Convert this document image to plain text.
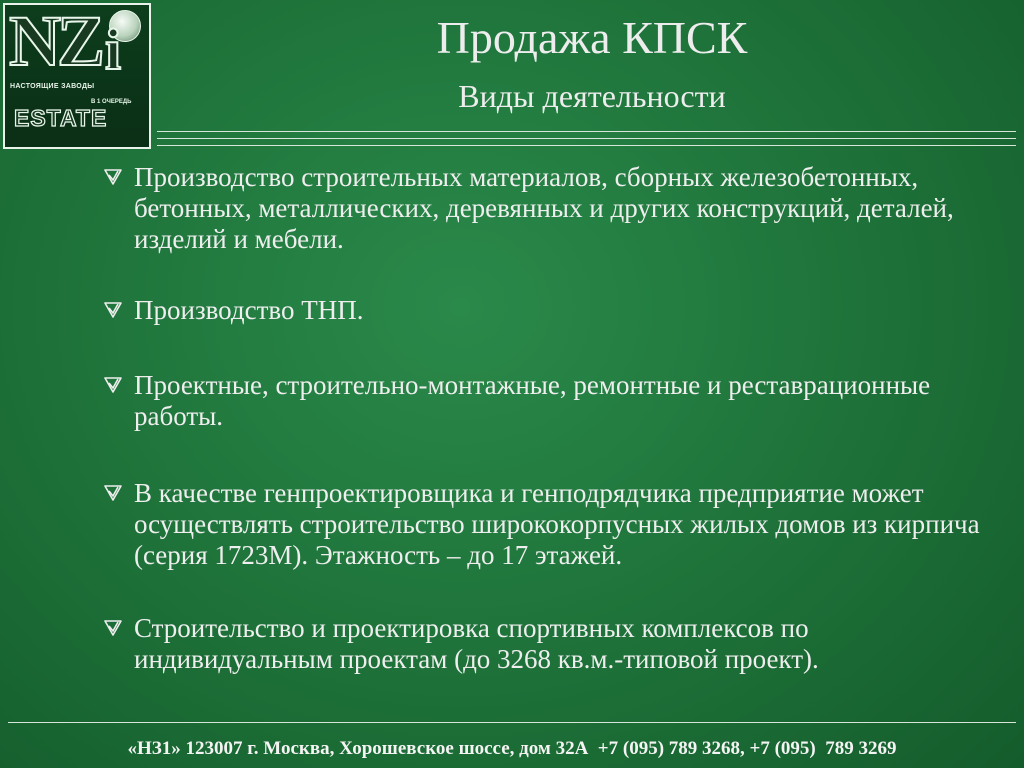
NZ i
НАСТОЯЩИЕ ЗАВОДЫ
В 1 ОЧЕРЕДЬ
ESTATE
Продажа КПСК
Виды деятельности
Производство строительных материалов, сборных железобетонных, бетонных, металлических, деревянных и других конструкций, деталей, изделий и мебели.
Производство ТНП.
Проектные, строительно-монтажные, ремонтные и реставрационные работы.
В качестве генпроектировщика и генподрядчика предприятие может осуществлять строительство ширококорпусных жилых домов из кирпича (серия 1723М). Этажность – до 17 этажей.
Строительство и проектировка спортивных комплексов по индивидуальным проектам (до 3268 кв.м.-типовой проект).
«НЗ1» 123007 г. Москва, Хорошевское шоссе, дом 32А  +7 (095) 789 3268, +7 (095)  789 3269
